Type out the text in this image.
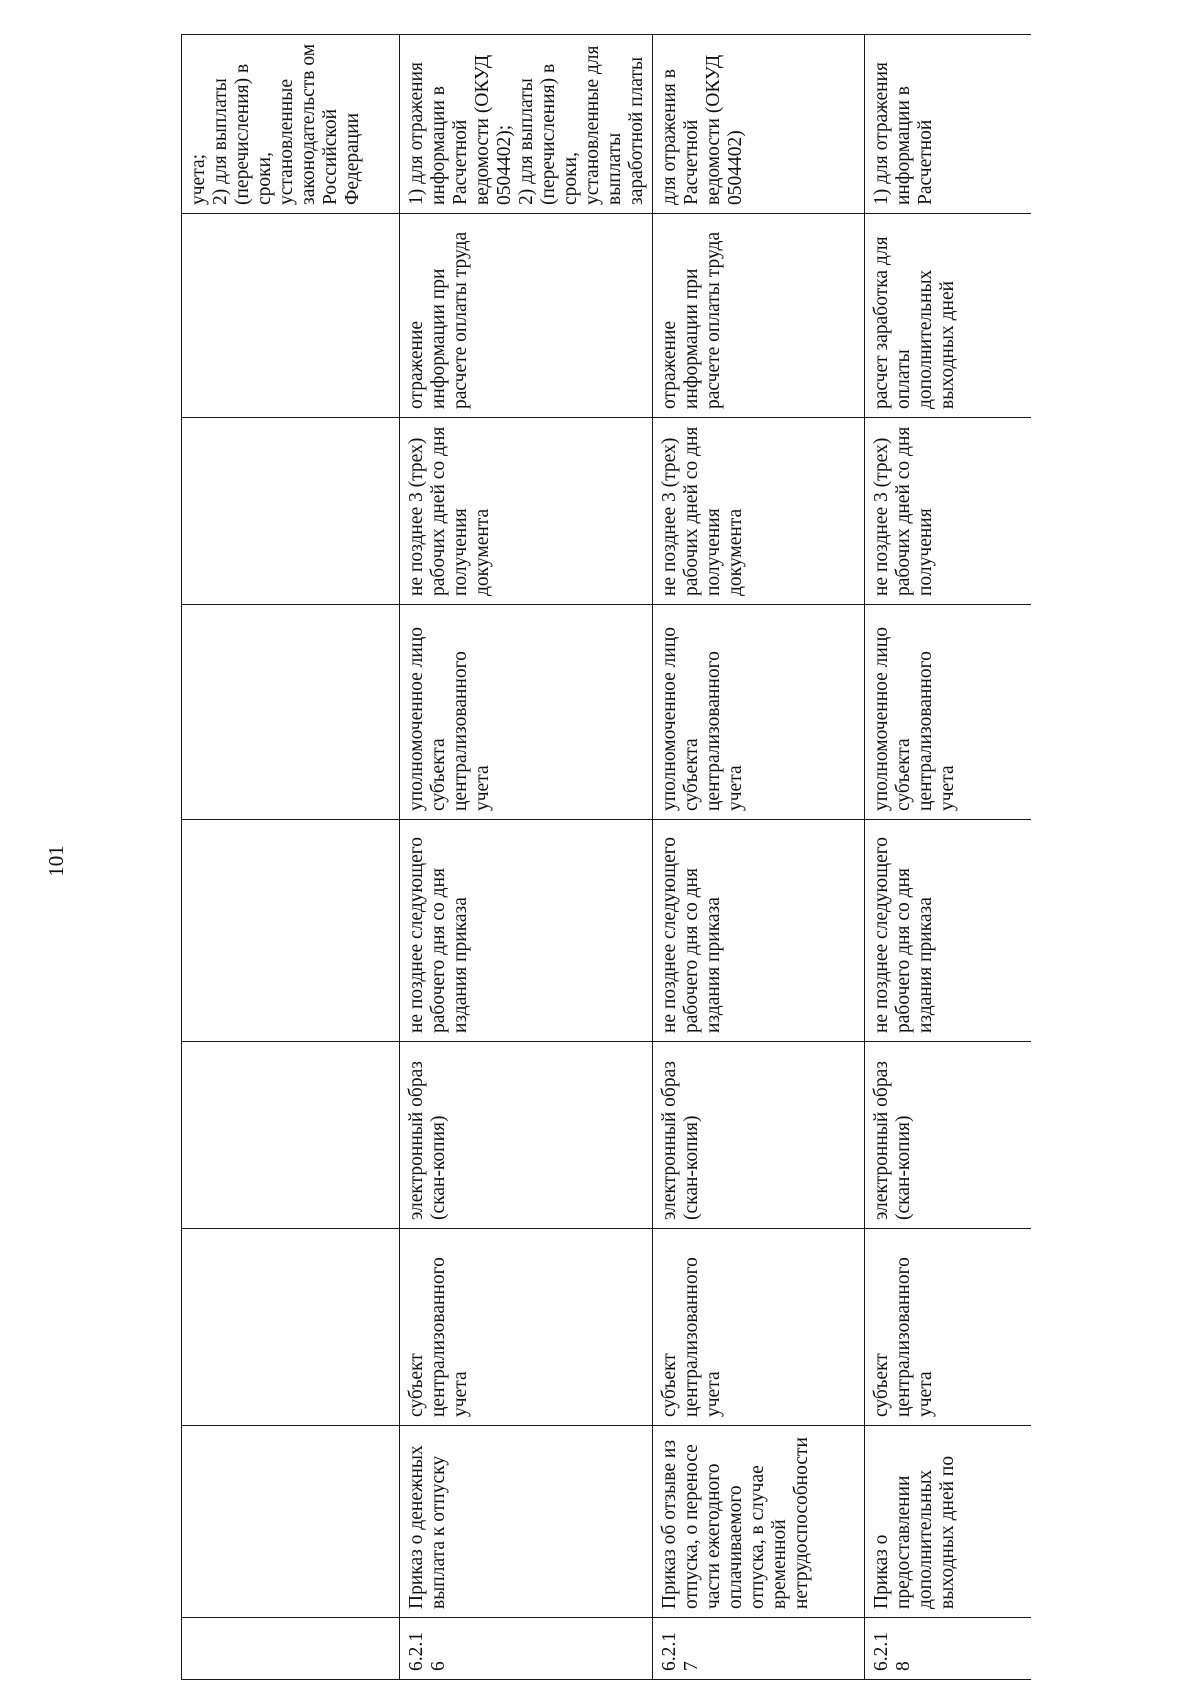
101
								учета;
2) для выплаты (перечисления) в сроки, установленные законодательств ом Российской Федерации
6.2.16	Приказ о денежных выплата к отпуску	субъект централизованного учета	электронный образ (скан-копия)	не позднее следующего рабочего дня со дня издания приказа	уполномоченное лицо субъекта централизованного учета	не позднее 3 (трех) рабочих дней со дня получения документа	отражение информации при расчете оплаты труда	1) для отражения информации в Расчетной ведомости (ОКУД 0504402);
2) для выплаты (перечисления) в сроки, установленные для выплаты заработной платы
6.2.17	Приказ об отзыве из отпуска, о переносе части ежегодного оплачиваемого отпуска, в случае временной нетрудоспособности	субъект централизованного учета	электронный образ (скан-копия)	не позднее следующего рабочего дня со дня издания приказа	уполномоченное лицо субъекта централизованного учета	не позднее 3 (трех) рабочих дней со дня получения документа	отражение информации при расчете оплаты труда	для отражения в Расчетной ведомости (ОКУД 0504402)
6.2.18	Приказ о предоставлении дополнительных выходных дней по	субъект централизованного учета	электронный образ (скан-копия)	не позднее следующего рабочего дня со дня издания приказа	уполномоченное лицо субъекта централизованного учета	не позднее 3 (трех) рабочих дней со дня получения	расчет заработка для оплаты дополнительных выходных дней	1) для отражения информации в Расчетной
